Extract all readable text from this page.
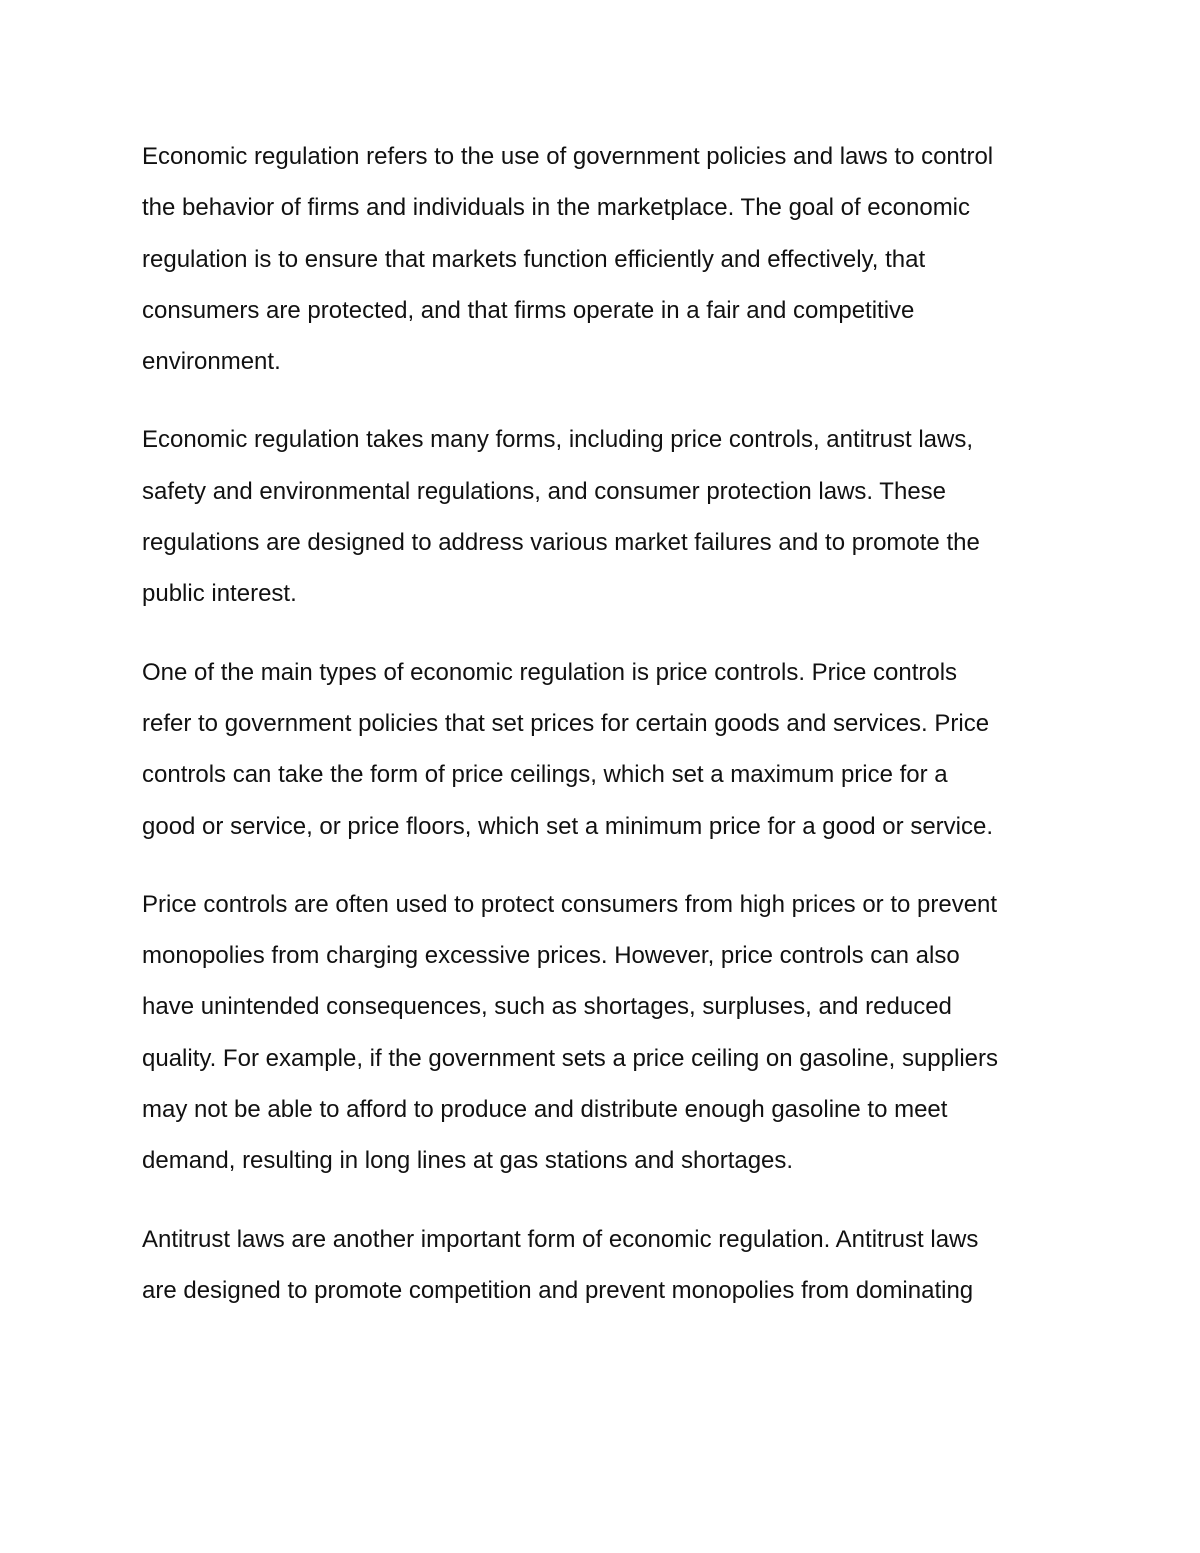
Economic regulation refers to the use of government policies and laws to control
the behavior of firms and individuals in the marketplace. The goal of economic
regulation is to ensure that markets function efficiently and effectively, that
consumers are protected, and that firms operate in a fair and competitive
environment.
Economic regulation takes many forms, including price controls, antitrust laws,
safety and environmental regulations, and consumer protection laws. These
regulations are designed to address various market failures and to promote the
public interest.
One of the main types of economic regulation is price controls. Price controls
refer to government policies that set prices for certain goods and services. Price
controls can take the form of price ceilings, which set a maximum price for a
good or service, or price floors, which set a minimum price for a good or service.
Price controls are often used to protect consumers from high prices or to prevent
monopolies from charging excessive prices. However, price controls can also
have unintended consequences, such as shortages, surpluses, and reduced
quality. For example, if the government sets a price ceiling on gasoline, suppliers
may not be able to afford to produce and distribute enough gasoline to meet
demand, resulting in long lines at gas stations and shortages.
Antitrust laws are another important form of economic regulation. Antitrust laws
are designed to promote competition and prevent monopolies from dominating
